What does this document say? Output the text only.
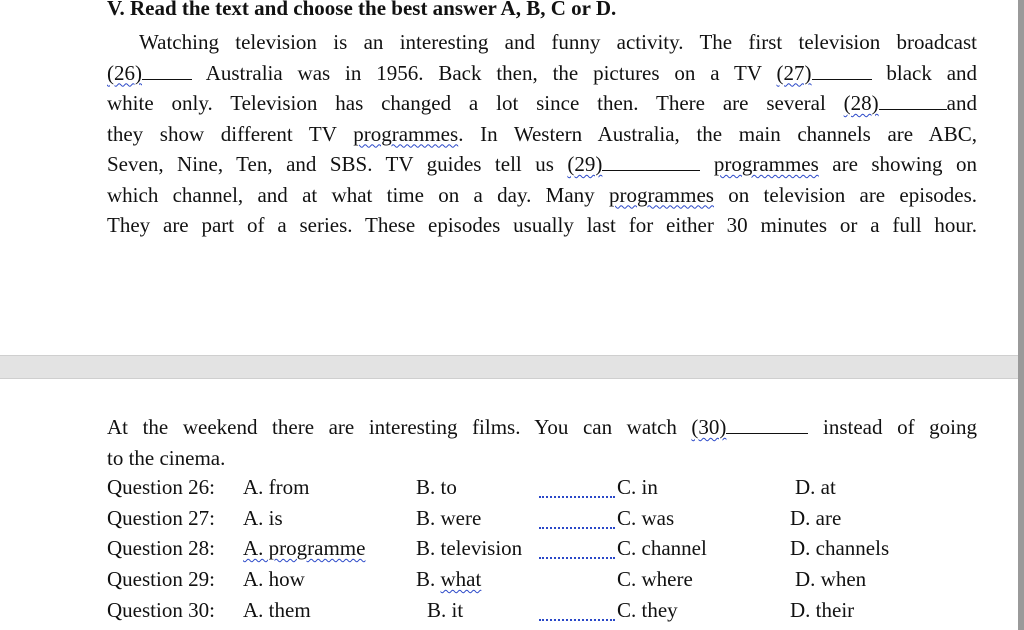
V. Read the text and choose the best answer A, B, C or D.
Watching television is an interesting and funny activity. The first television broadcast
(26)	Australia was in 1956. Back then, the pictures on a TV (27)	black and
white only. Television has changed a lot since then. There are several (28)	and
they show different TV programmes. In Western Australia, the main channels are ABC,
Seven, Nine, Ten, and SBS. TV guides tell us (29)	programmes are showing on
which channel, and at what time on a day. Many programmes on television are episodes.
They are part of a series. These episodes usually last for either 30 minutes or a full hour.
At the weekend there are interesting films. You can watch (30)	instead of going
to the cinema.
Question 26: A. from	B. to	C. in	D. at
Question 27: A. is	B. were	C. was	D. are
Question 28: A. programme B. television	C. channel	D. channels
Question 29: A. how	B. what	C. where	D. when
Question 30: A. them	B. it	C. they	D. their
